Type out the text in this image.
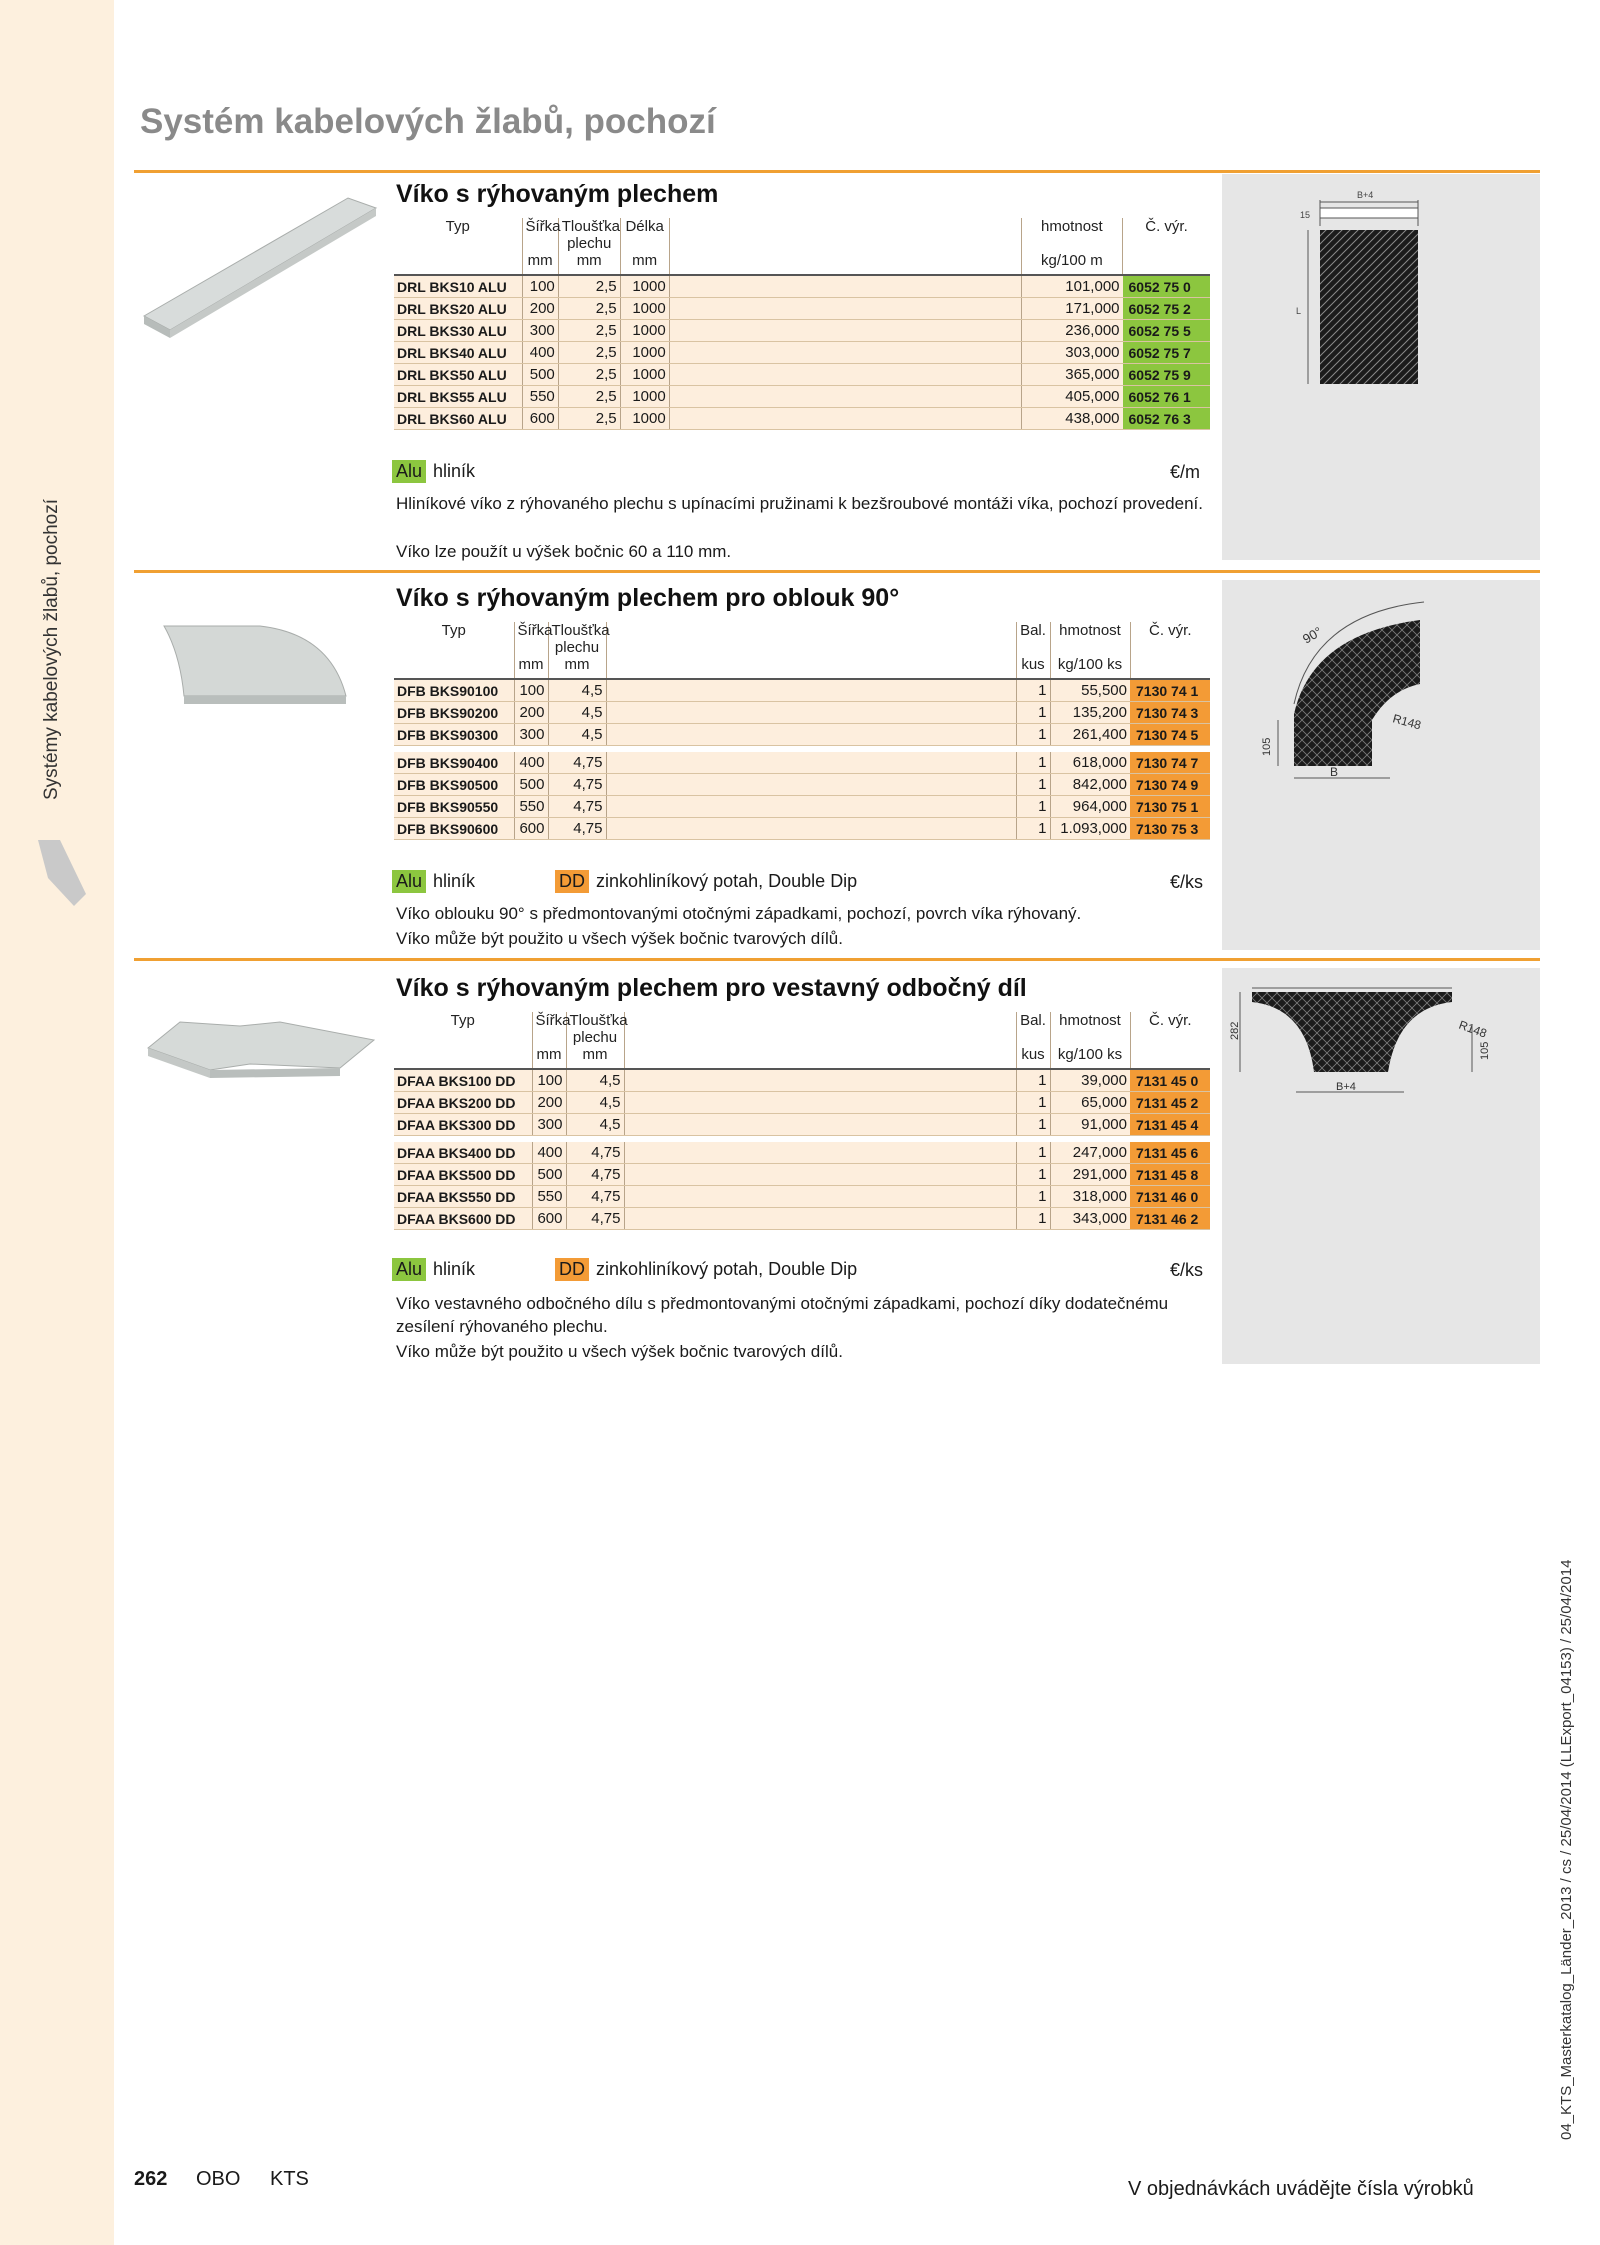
Systémy kabelových žlabů, pochozí
Systém kabelových žlabů, pochozí
Víko s rýhovaným plechem
Typ	Šířka	Tloušťka plechu	Délka		hmotnost	Č. výr.
	mm	mm	mm		kg/100 m	
DRL BKS10 ALU	100	2,5	1000		101,000	6052 75 0
DRL BKS20 ALU	200	2,5	1000		171,000	6052 75 2
DRL BKS30 ALU	300	2,5	1000		236,000	6052 75 5
DRL BKS40 ALU	400	2,5	1000		303,000	6052 75 7
DRL BKS50 ALU	500	2,5	1000		365,000	6052 75 9
DRL BKS55 ALU	550	2,5	1000		405,000	6052 76 1
DRL BKS60 ALU	600	2,5	1000		438,000	6052 76 3
Alu hliník	€/m

Hliníkové víko z rýhovaného plechu s upínacími pružinami k bezšroubové montáži víka, pochozí provedení.

Víko lze použít u výšek bočnic 60 a 110 mm.

B+4
L
15
Víko s rýhovaným plechem pro oblouk 90°
Typ	Šířka	Tloušťka plechu		Bal.	hmotnost	Č. výr.
	mm	mm		kus	kg/100 ks	
DFB BKS90100	100	4,5		1	55,500	7130 74 1
DFB BKS90200	200	4,5		1	135,200	7130 74 3
DFB BKS90300	300	4,5		1	261,400	7130 74 5

DFB BKS90400	400	4,75		1	618,000	7130 74 7
DFB BKS90500	500	4,75		1	842,000	7130 74 9
DFB BKS90550	550	4,75		1	964,000	7130 75 1
DFB BKS90600	600	4,75		1	1.093,000	7130 75 3
Alu hliník	DD zinkohliníkový potah, Double Dip	€/ks

Víko oblouku 90° s předmontovanými otočnými západkami, pochozí, povrch víka rýhovaný.

Víko může být použito u všech výšek bočnic tvarových dílů.

90°
R148
105
B
Víko s rýhovaným plechem pro vestavný odbočný díl
Typ	Šířka	Tloušťka plechu		Bal.	hmotnost	Č. výr.
	mm	mm		kus	kg/100 ks	
DFAA BKS100 DD	100	4,5		1	39,000	7131 45 0
DFAA BKS200 DD	200	4,5		1	65,000	7131 45 2
DFAA BKS300 DD	300	4,5		1	91,000	7131 45 4

DFAA BKS400 DD	400	4,75		1	247,000	7131 45 6
DFAA BKS500 DD	500	4,75		1	291,000	7131 45 8
DFAA BKS550 DD	550	4,75		1	318,000	7131 46 0
DFAA BKS600 DD	600	4,75		1	343,000	7131 46 2
Alu hliník	DD zinkohliníkový potah, Double Dip	€/ks

Víko vestavného odbočného dílu s předmontovanými otočnými západkami, pochozí díky dodatečnému zesílení rýhovaného plechu.

Víko může být použito u všech výšek bočnic tvarových dílů.

282	R148
105
B+4
262 OBO KTS	V objednávkách uvádějte čísla výrobků
04_KTS_Masterkatalog_Länder_2013 / cs / 25/04/2014 (LLExport_04153) / 25/04/2014
